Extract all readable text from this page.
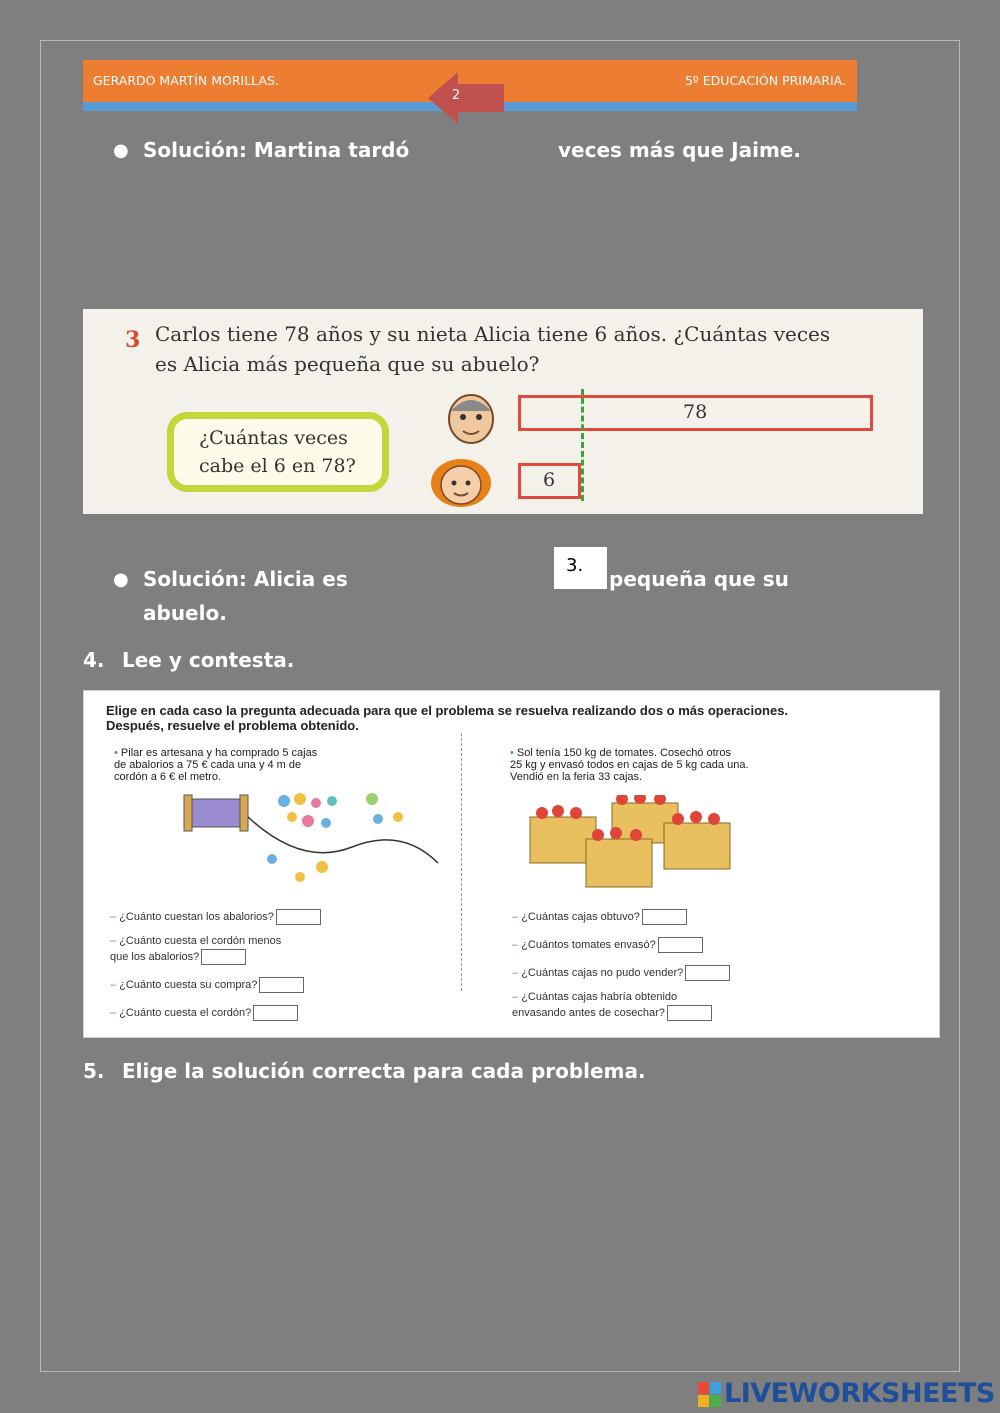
GERARDO MARTÍN MORILLAS.	5º EDUCACIÓN PRIMARIA.
2
● Solución: Martina tardó	veces más que Jaime.
3 Carlos tiene 78 años y su nieta Alicia tiene 6 años. ¿Cuántas veces
es Alicia más pequeña que su abuelo?
¿Cuántas veces
cabe el 6 en 78?
78
6
● Solución: Alicia es
3.
pequeña que su
abuelo.
4. Lee y contesta.
Elige en cada caso la pregunta adecuada para que el problema se resuelva realizando dos o más operaciones.
Después, resuelve el problema obtenido.
• Pilar es artesana y ha comprado 5 cajas
de abalorios a 75 € cada una y 4 m de
cordón a 6 € el metro.
• Sol tenía 150 kg de tomates. Cosechó otros
25 kg y envasó todos en cajas de 5 kg cada una.
Vendió en la feria 33 cajas.
– ¿Cuánto cuestan los abalorios?
– ¿Cuánto cuesta el cordón menos
que los abalorios?
– ¿Cuánto cuesta su compra?
– ¿Cuánto cuesta el cordón?
– ¿Cuántas cajas obtuvo?
– ¿Cuántos tomates envasó?
– ¿Cuántas cajas no pudo vender?
– ¿Cuántas cajas habría obtenido
envasando antes de cosechar?
5. Elige la solución correcta para cada problema.
LIVEWORKSHEETS
